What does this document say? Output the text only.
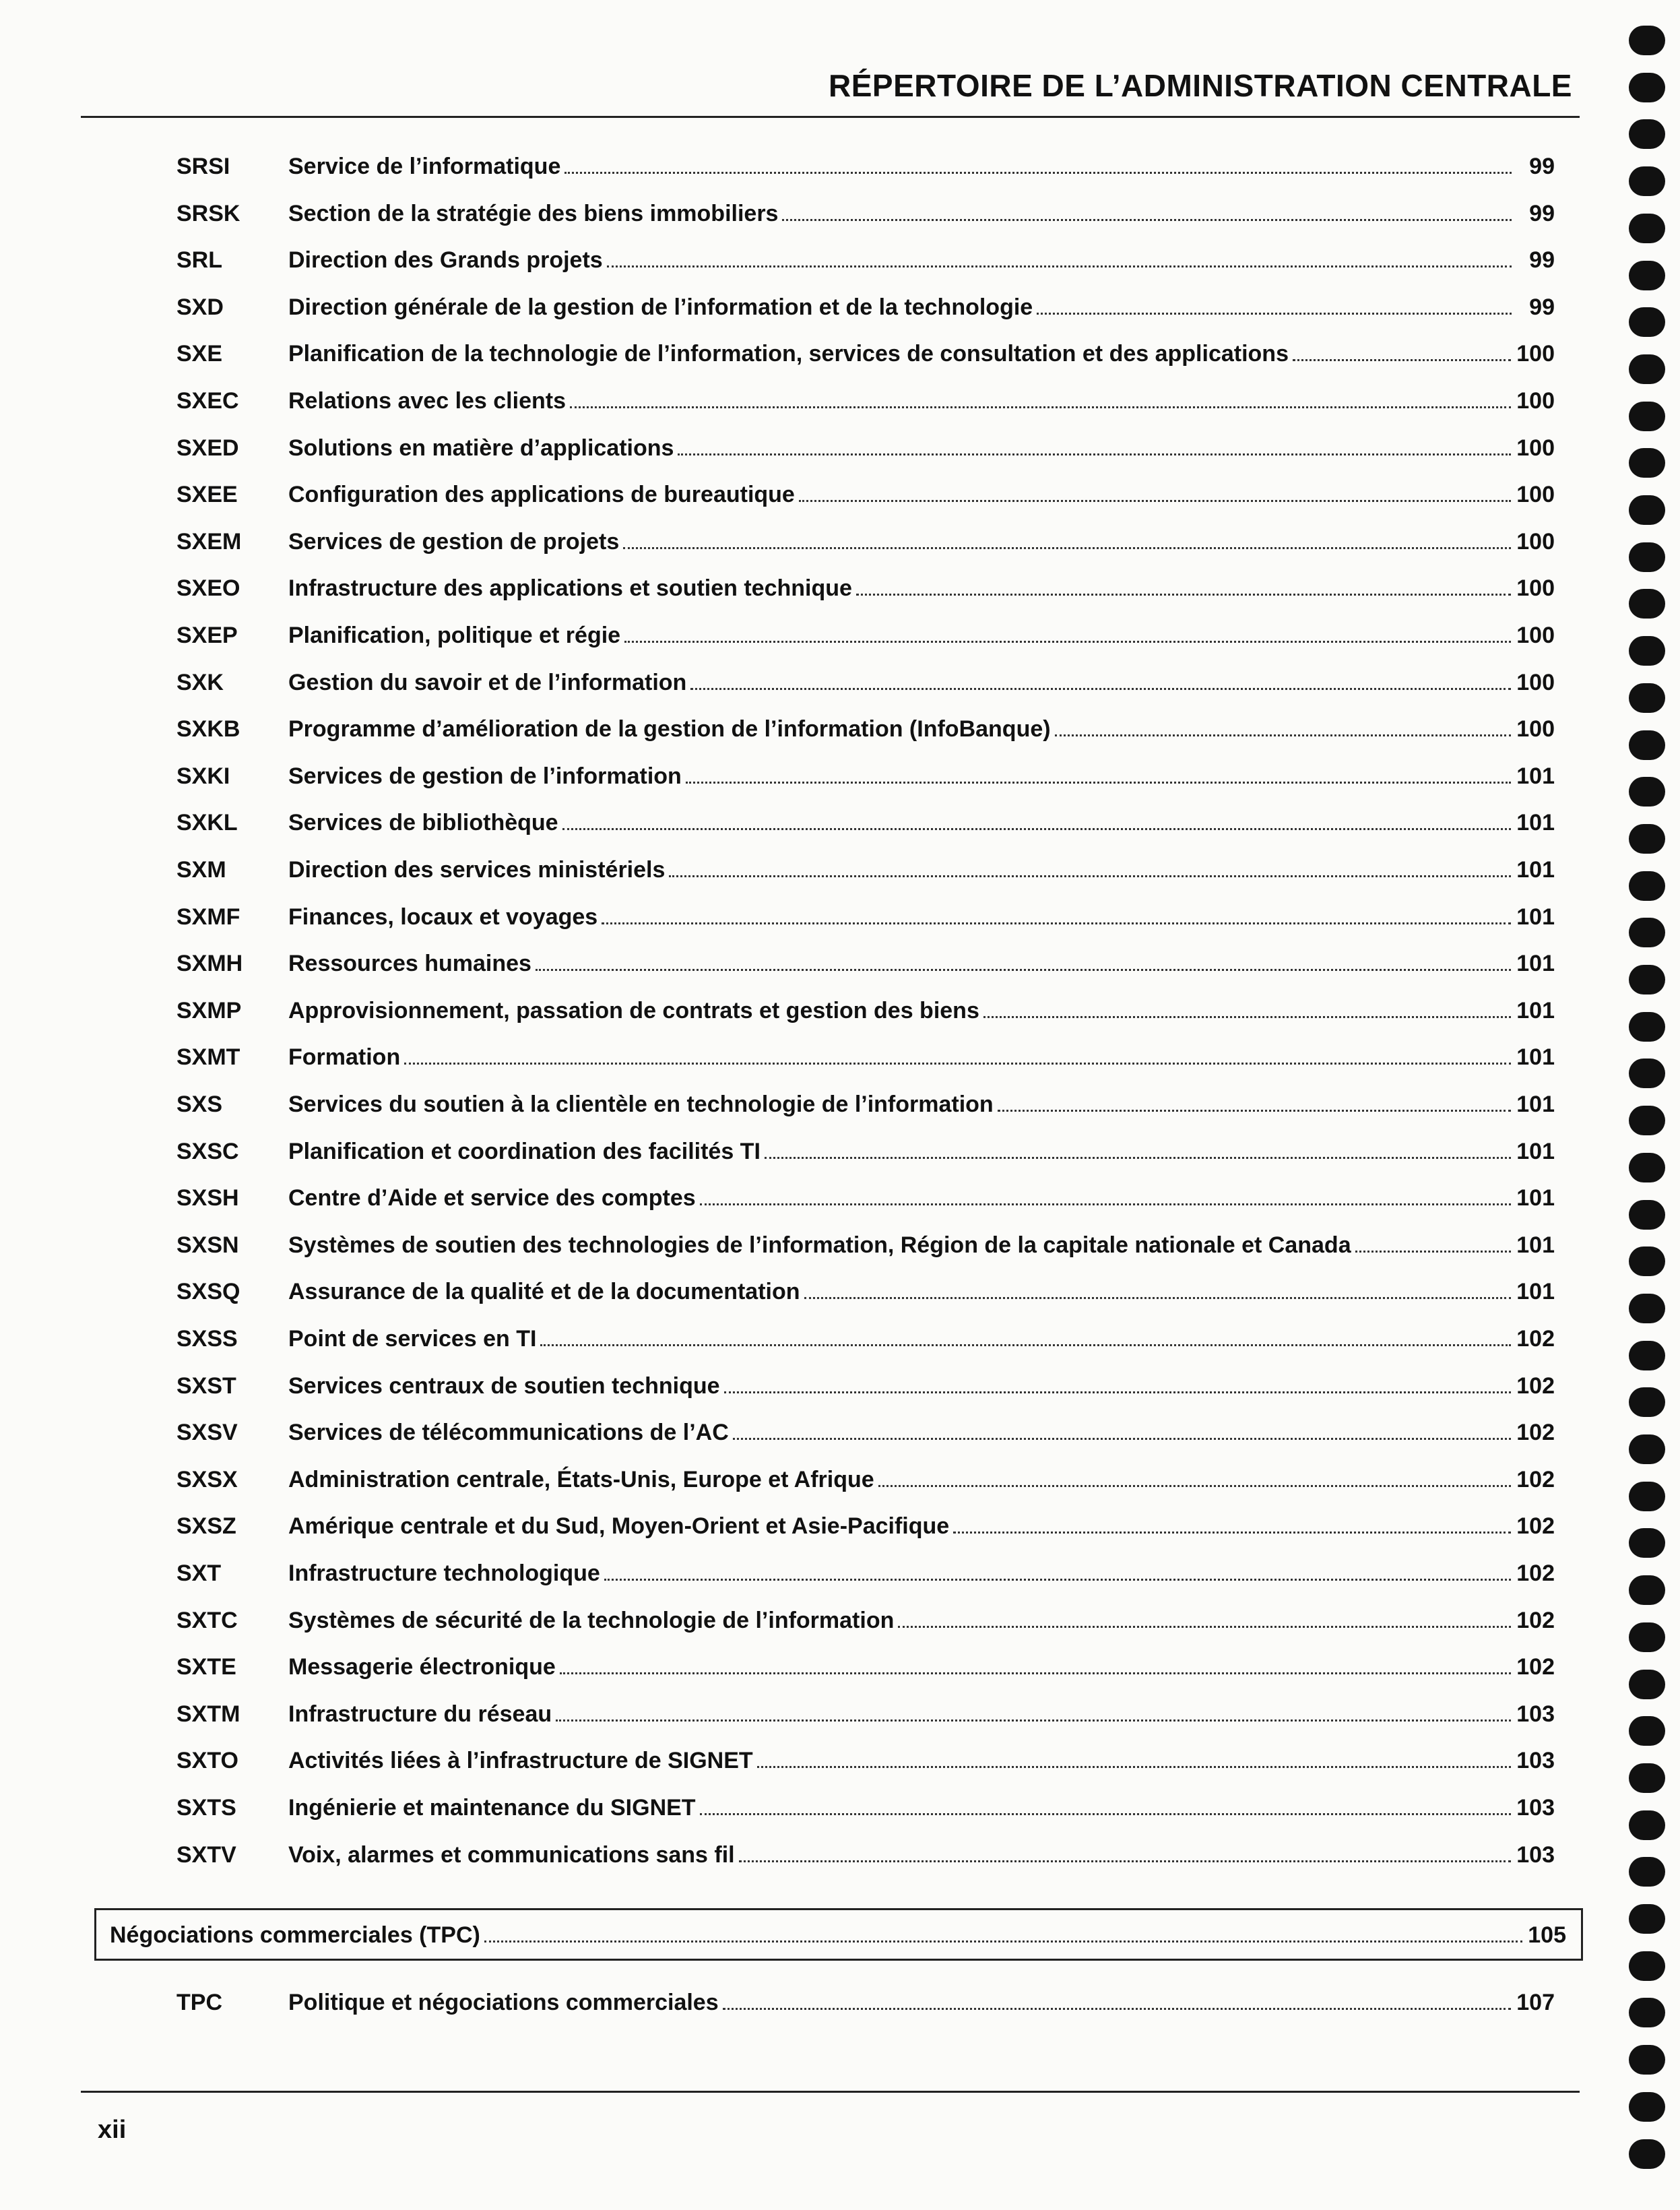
RÉPERTOIRE DE L’ADMINISTRATION CENTRALE
SRSI	Service de l’informatique	99
SRSK	Section de la stratégie des biens immobiliers	99
SRL	Direction des Grands projets	99
SXD	Direction générale de la gestion de l’information et de la technologie	99
SXE	Planification de la technologie de l’information, services de consultation et des applications	100
SXEC	Relations avec les clients	100
SXED	Solutions en matière d’applications	100
SXEE	Configuration des applications de bureautique	100
SXEM	Services de gestion de projets	100
SXEO	Infrastructure des applications et soutien technique	100
SXEP	Planification, politique et régie	100
SXK	Gestion du savoir et de l’information	100
SXKB	Programme d’amélioration de la gestion de l’information (InfoBanque)	100
SXKI	Services de gestion de l’information	101
SXKL	Services de bibliothèque	101
SXM	Direction des services ministériels	101
SXMF	Finances, locaux et voyages	101
SXMH	Ressources humaines	101
SXMP	Approvisionnement, passation de contrats et gestion des biens	101
SXMT	Formation	101
SXS	Services du soutien à la clientèle en technologie de l’information	101
SXSC	Planification et coordination des facilités TI	101
SXSH	Centre d’Aide et service des comptes	101
SXSN	Systèmes de soutien des technologies de l’information, Région de la capitale nationale et Canada	101
SXSQ	Assurance de la qualité et de la documentation	101
SXSS	Point de services en TI	102
SXST	Services centraux de soutien technique	102
SXSV	Services de télécommunications de l’AC	102
SXSX	Administration centrale, États-Unis, Europe et Afrique	102
SXSZ	Amérique centrale et du Sud, Moyen-Orient et Asie-Pacifique	102
SXT	Infrastructure technologique	102
SXTC	Systèmes de sécurité de la technologie de l’information	102
SXTE	Messagerie électronique	102
SXTM	Infrastructure du réseau	103
SXTO	Activités liées à l’infrastructure de SIGNET	103
SXTS	Ingénierie et maintenance du SIGNET	103
SXTV	Voix, alarmes et communications sans fil	103
Négociations commerciales (TPC)	105
TPC	Politique et négociations commerciales	107
xii
